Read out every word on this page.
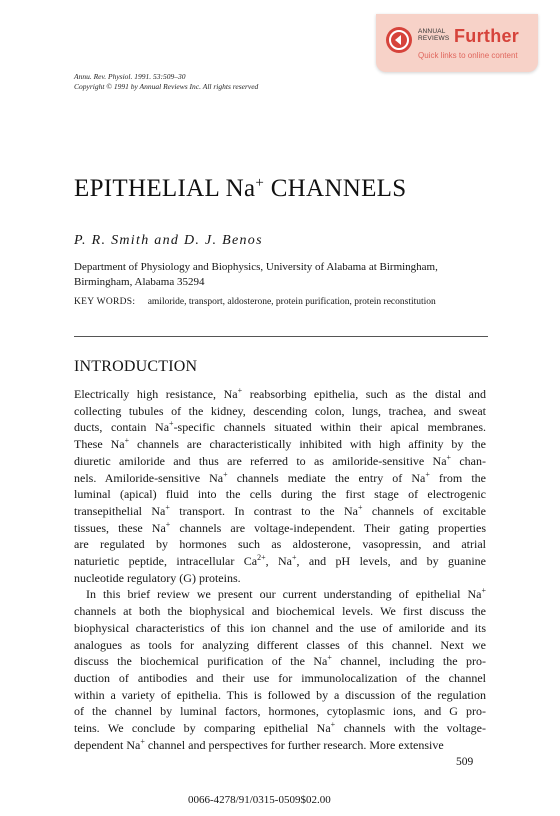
ANNUAL
REVIEWS Further
Quick links to online content
Annu. Rev. Physiol. 1991. 53:509–30
Copyright © 1991 by Annual Reviews Inc. All rights reserved
EPITHELIAL Na+ CHANNELS
P. R. Smith and D. J. Benos
Department of Physiology and Biophysics, University of Alabama at Birmingham, Birmingham, Alabama 35294
KEY WORDS: amiloride, transport, aldosterone, protein purification, protein reconstitution
INTRODUCTION
Electrically high resistance, Na+ reabsorbing epithelia, such as the distal and
collecting tubules of the kidney, descending colon, lungs, trachea, and sweat
ducts, contain Na+-specific channels situated within their apical membranes.
These Na+ channels are characteristically inhibited with high affinity by the
diuretic amiloride and thus are referred to as amiloride-sensitive Na+ chan-
nels. Amiloride-sensitive Na+ channels mediate the entry of Na+ from the
luminal (apical) fluid into the cells during the first stage of electrogenic
transepithelial Na+ transport. In contrast to the Na+ channels of excitable
tissues, these Na+ channels are voltage-independent. Their gating properties
are regulated by hormones such as aldosterone, vasopressin, and atrial
naturietic peptide, intracellular $Ca^{2+}$, Na+, and pH levels, and by guanine
nucleotide regulatory (G) proteins.
In this brief review we present our current understanding of epithelial Na+
channels at both the biophysical and biochemical levels. We first discuss the
biophysical characteristics of this ion channel and the use of amiloride and its
analogues as tools for analyzing different classes of this channel. Next we
discuss the biochemical purification of the Na+ channel, including the pro-
duction of antibodies and their use for immunolocalization of the channel
within a variety of epithelia. This is followed by a discussion of the regulation
of the channel by luminal factors, hormones, cytoplasmic ions, and G pro-
teins. We conclude by comparing epithelial Na+ channels with the voltage-
dependent Na+ channel and perspectives for further research. More extensive
509
0066-4278/91/0315-0509$02.00
